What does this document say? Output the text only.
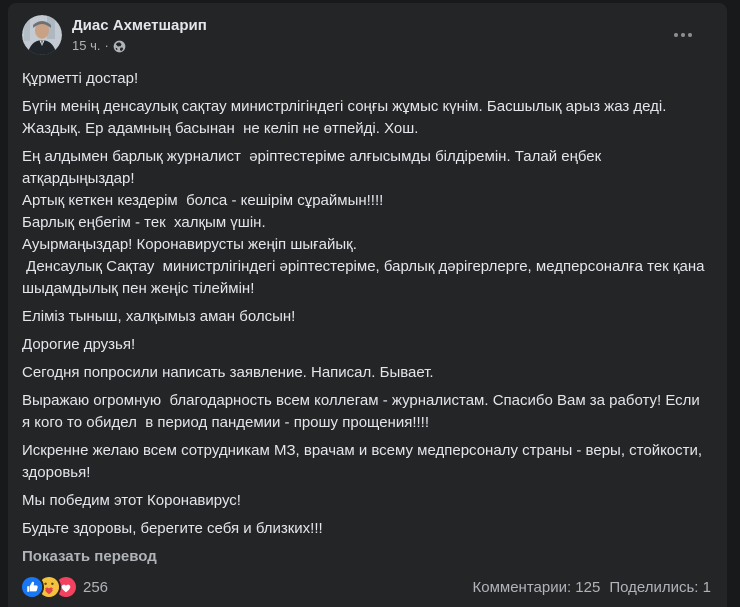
Диас Ахметшарип
15 ч. ·
Құрметті достар!
Бүгін менің денсаулық сақтау министрлігіндегі соңғы жұмыс күнім. Басшылық арыз жаз деді. Жаздық. Ер адамның басынан  не келіп не өтпейді. Хош.
Ең алдымен барлық журналист  әріптестеріме алғысымды білдіремін. Талай еңбек атқардыңыздар!
Артық кеткен кездерім  болса - кешірім сұраймын!!!!
Барлық еңбегім - тек  халқым үшін.
Ауырмаңыздар! Коронавирусты жеңіп шығайық.
Денсаулық Сақтау  министрлігіндегі әріптестеріме, барлық дәрігерлерге, медперсоналға тек қана шыдамдылық пен жеңіс тілеймін!
Еліміз тыныш, халқымыз аман болсын!
Дорогие друзья!
Сегодня попросили написать заявление. Написал. Бывает.
Выражаю огромную  благодарность всем коллегам - журналистам. Спасибо Вам за работу! Если я кого то обидел  в период пандемии - прошу прощения!!!!
Искренне желаю всем сотрудникам МЗ, врачам и всему медперсоналу страны - веры, стойкости, здоровья!
Мы победим этот Коронавирус!
Будьте здоровы, берегите себя и близких!!!
Показать перевод
256	Комментарии: 125 Поделились: 1
